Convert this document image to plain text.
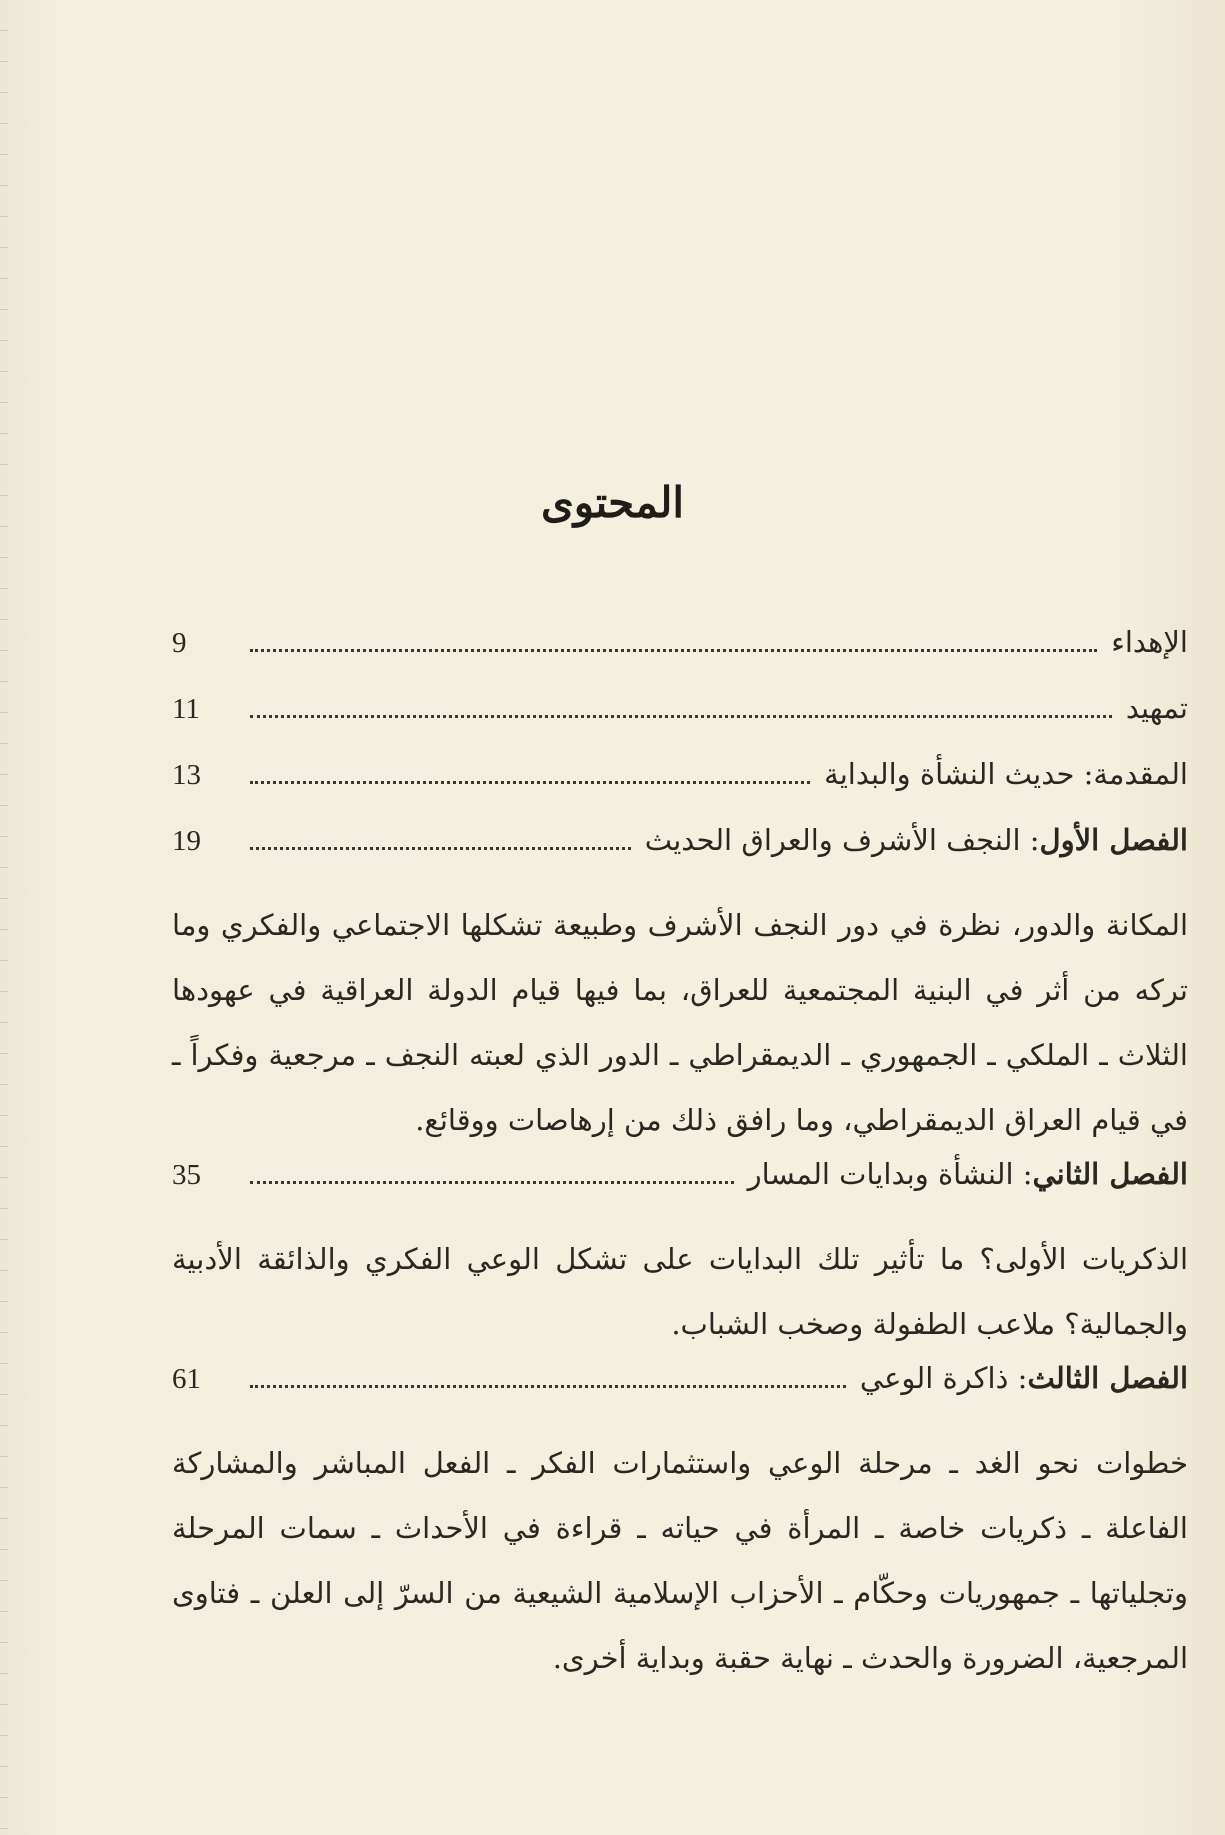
المحتوى
الإهداء
9
تمهيد
11
المقدمة: حديث النشأة والبداية
13
الفصل الأول: النجف الأشرف والعراق الحديث
19
المكانة والدور، نظرة في دور النجف الأشرف وطبيعة تشكلها الاجتماعي والفكري وما تركه من أثر في البنية المجتمعية للعراق، بما فيها قيام الدولة العراقية في عهودها الثلاث ـ الملكي ـ الجمهوري ـ الديمقراطي ـ الدور الذي لعبته النجف ـ مرجعية وفكراً ـ في قيام العراق الديمقراطي، وما رافق ذلك من إرهاصات ووقائع.
الفصل الثاني: النشأة وبدايات المسار
35
الذكريات الأولى؟ ما تأثير تلك البدايات على تشكل الوعي الفكري والذائقة الأدبية والجمالية؟ ملاعب الطفولة وصخب الشباب.
الفصل الثالث: ذاكرة الوعي
61
خطوات نحو الغد ـ مرحلة الوعي واستثمارات الفكر ـ الفعل المباشر والمشاركة الفاعلة ـ ذكريات خاصة ـ المرأة في حياته ـ قراءة في الأحداث ـ سمات المرحلة وتجلياتها ـ جمهوريات وحكّام ـ الأحزاب الإسلامية الشيعية من السرّ إلى العلن ـ فتاوى المرجعية، الضرورة والحدث ـ نهاية حقبة وبداية أخرى.
